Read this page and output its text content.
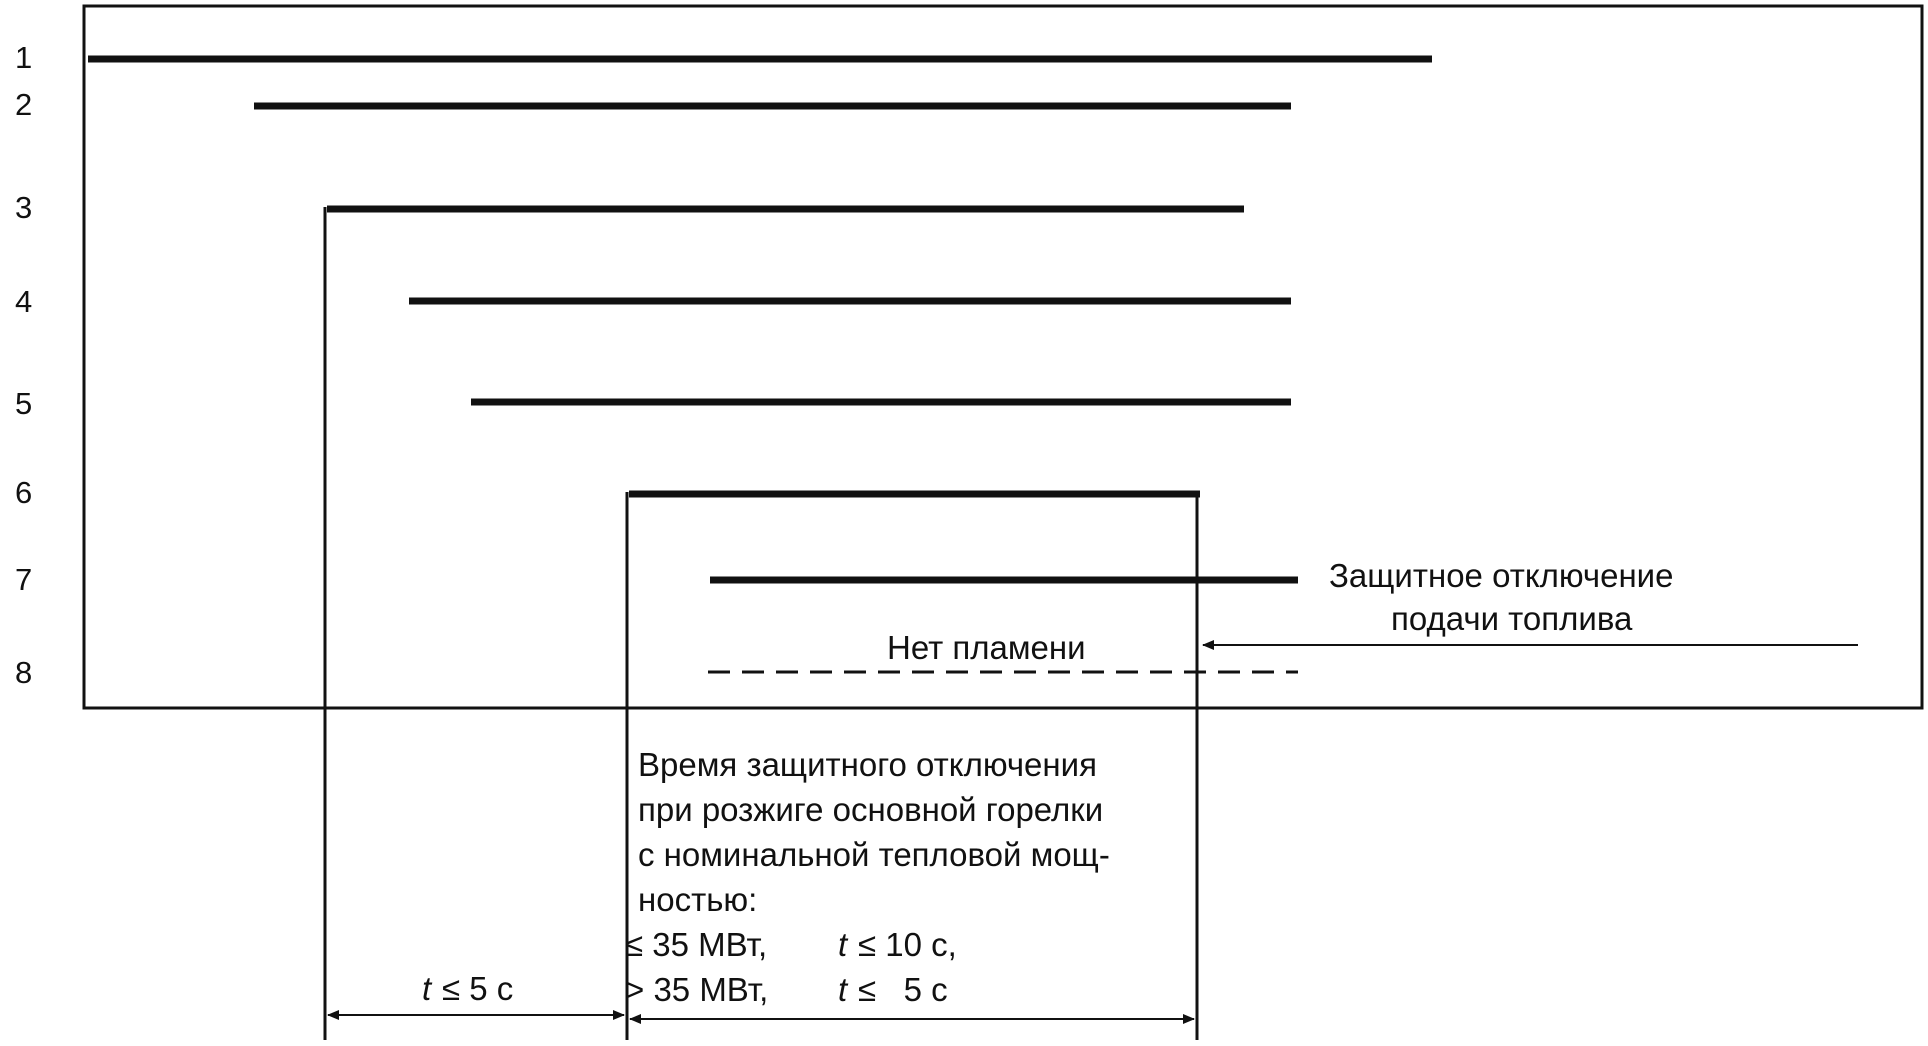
1
2
3
4
5
6
7
8
Защитное отключение
подачи топлива
Нет пламени
Время защитного отключения
при розжиге основной горелки
с номинальной тепловой мощ-
ностью:
≤ 35 МВт, t ≤ 10 с,
> 35 МВт, t ≤   5 с
t ≤ 5 с
